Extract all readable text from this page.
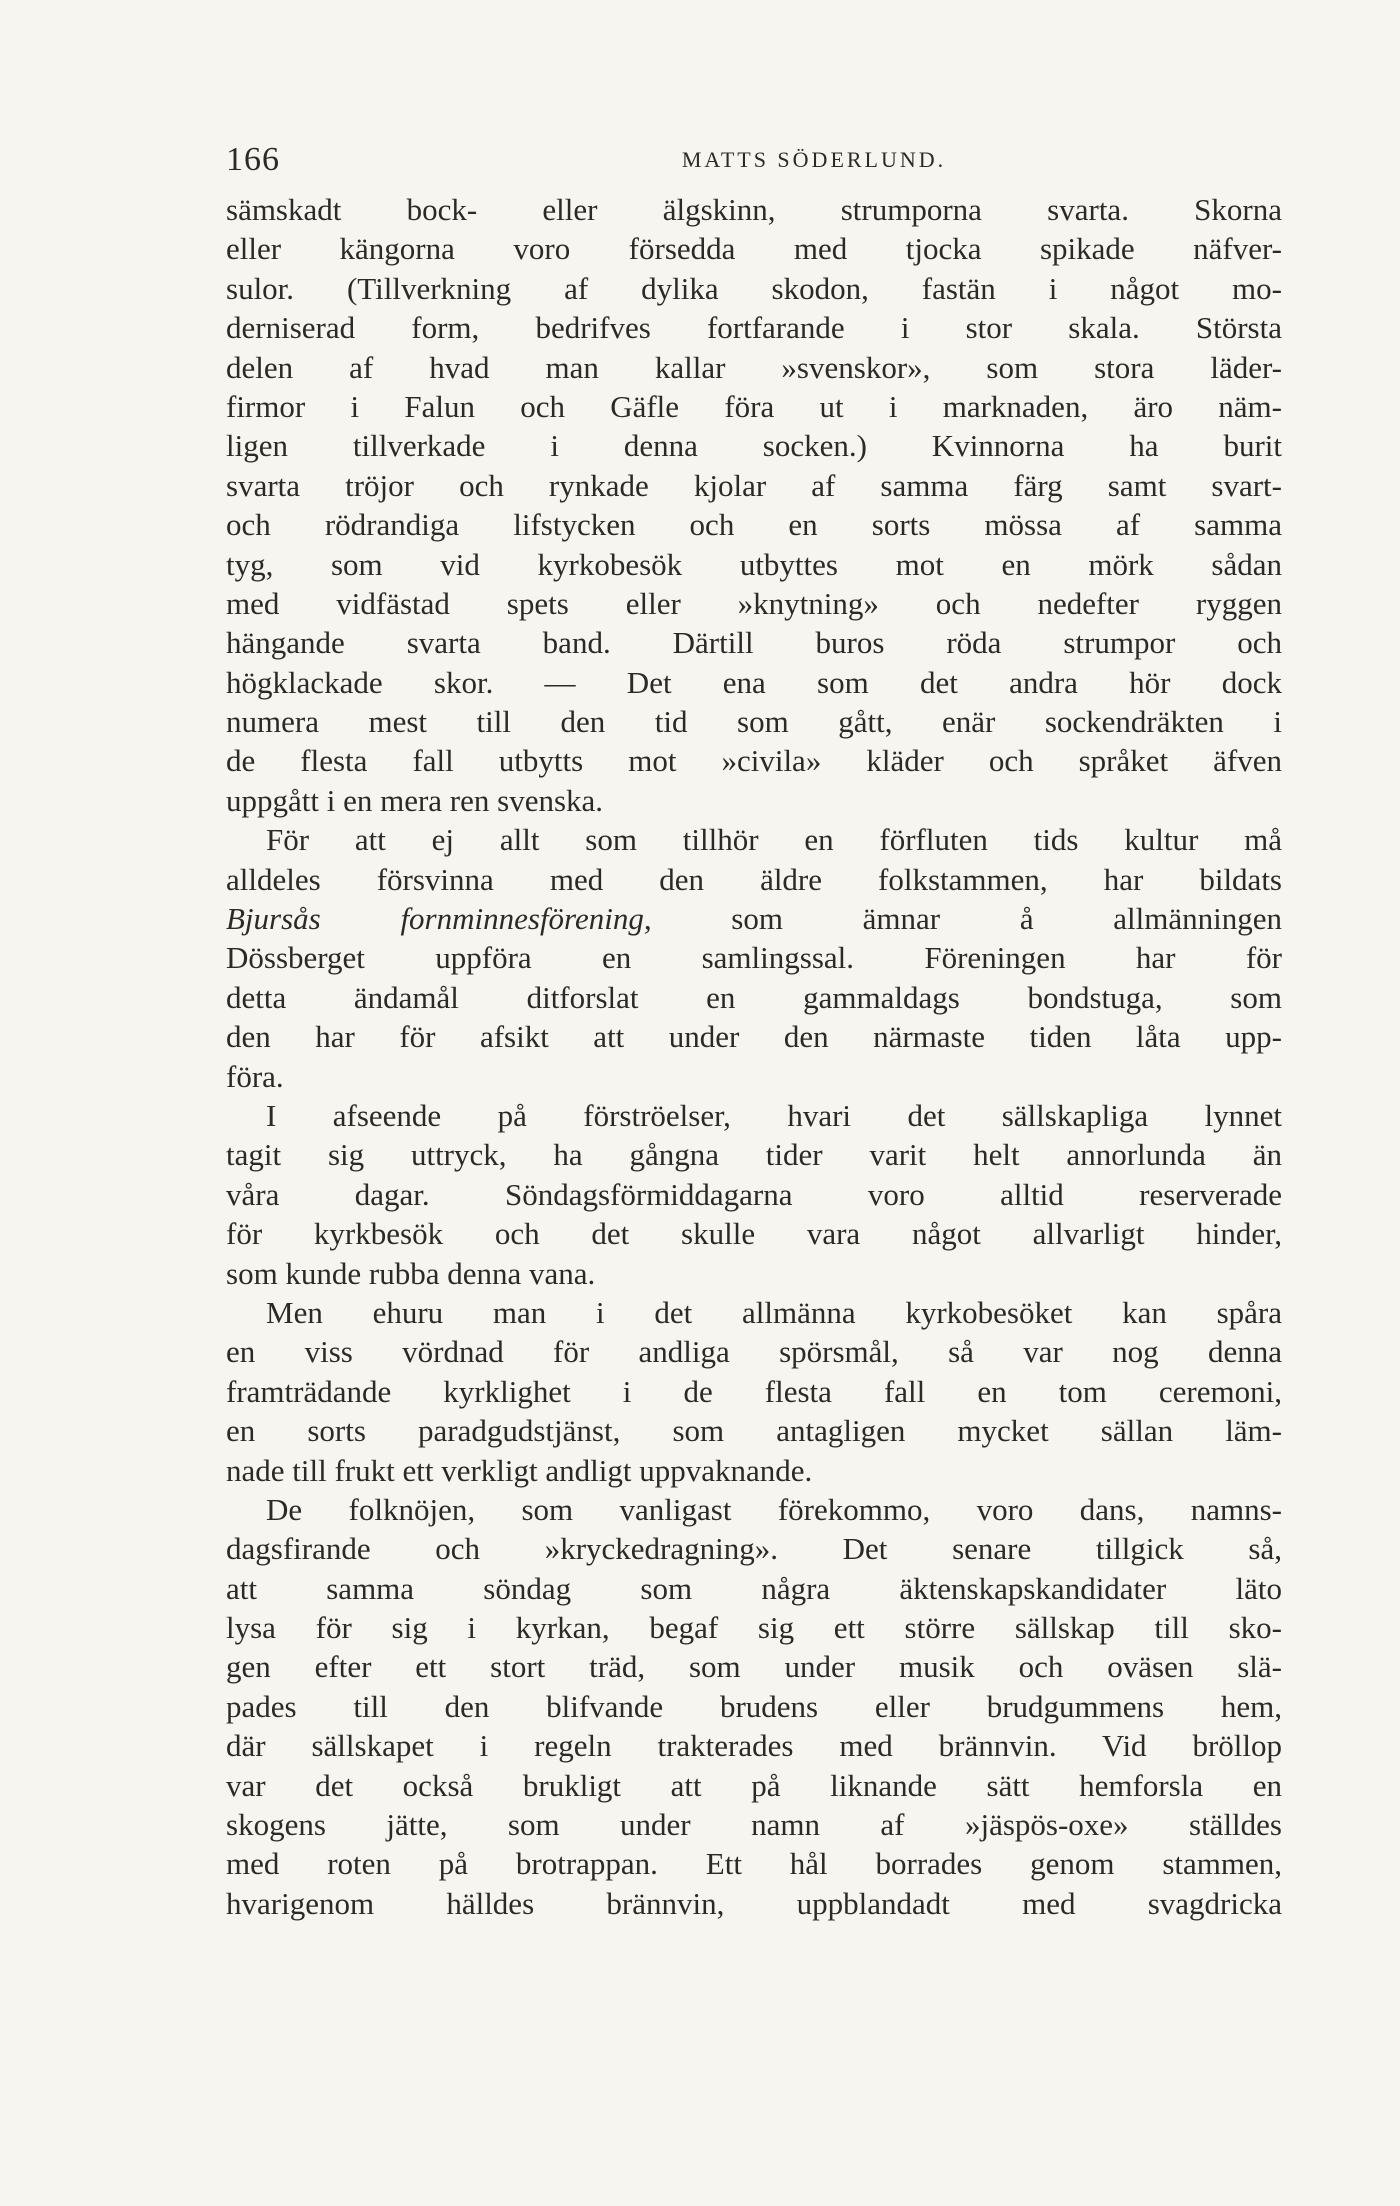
166	MATTS SÖDERLUND.
sämskadt bock- eller älgskinn, strumporna svarta. Skorna
eller kängorna voro försedda med tjocka spikade näfver-
sulor. (Tillverkning af dylika skodon, fastän i något mo-
derniserad form, bedrifves fortfarande i stor skala. Största
delen af hvad man kallar »svenskor», som stora läder-
firmor i Falun och Gäfle föra ut i marknaden, äro näm-
ligen tillverkade i denna socken.) Kvinnorna ha burit
svarta tröjor och rynkade kjolar af samma färg samt svart-
och rödrandiga lifstycken och en sorts mössa af samma
tyg, som vid kyrkobesök utbyttes mot en mörk sådan
med vidfästad spets eller »knytning» och nedefter ryggen
hängande svarta band. Därtill buros röda strumpor och
högklackade skor. — Det ena som det andra hör dock
numera mest till den tid som gått, enär sockendräkten i
de flesta fall utbytts mot »civila» kläder och språket äfven
uppgått i en mera ren svenska.
För att ej allt som tillhör en förfluten tids kultur må
alldeles försvinna med den äldre folkstammen, har bildats
Bjursås fornminnesförening, som ämnar å allmänningen
Dössberget uppföra en samlingssal. Föreningen har för
detta ändamål ditforslat en gammaldags bondstuga, som
den har för afsikt att under den närmaste tiden låta upp-
föra.
I afseende på förströelser, hvari det sällskapliga lynnet
tagit sig uttryck, ha gångna tider varit helt annorlunda än
våra dagar. Söndagsförmiddagarna voro alltid reserverade
för kyrkbesök och det skulle vara något allvarligt hinder,
som kunde rubba denna vana.
Men ehuru man i det allmänna kyrkobesöket kan spåra
en viss vördnad för andliga spörsmål, så var nog denna
framträdande kyrklighet i de flesta fall en tom ceremoni,
en sorts paradgudstjänst, som antagligen mycket sällan läm-
nade till frukt ett verkligt andligt uppvaknande.
De folknöjen, som vanligast förekommo, voro dans, namns-
dagsfirande och »kryckedragning». Det senare tillgick så,
att samma söndag som några äktenskapskandidater läto
lysa för sig i kyrkan, begaf sig ett större sällskap till sko-
gen efter ett stort träd, som under musik och oväsen slä-
pades till den blifvande brudens eller brudgummens hem,
där sällskapet i regeln trakterades med brännvin. Vid bröllop
var det också brukligt att på liknande sätt hemforsla en
skogens jätte, som under namn af »jäspös-oxe» ställdes
med roten på brotrappan. Ett hål borrades genom stammen,
hvarigenom hälldes brännvin, uppblandadt med svagdricka
